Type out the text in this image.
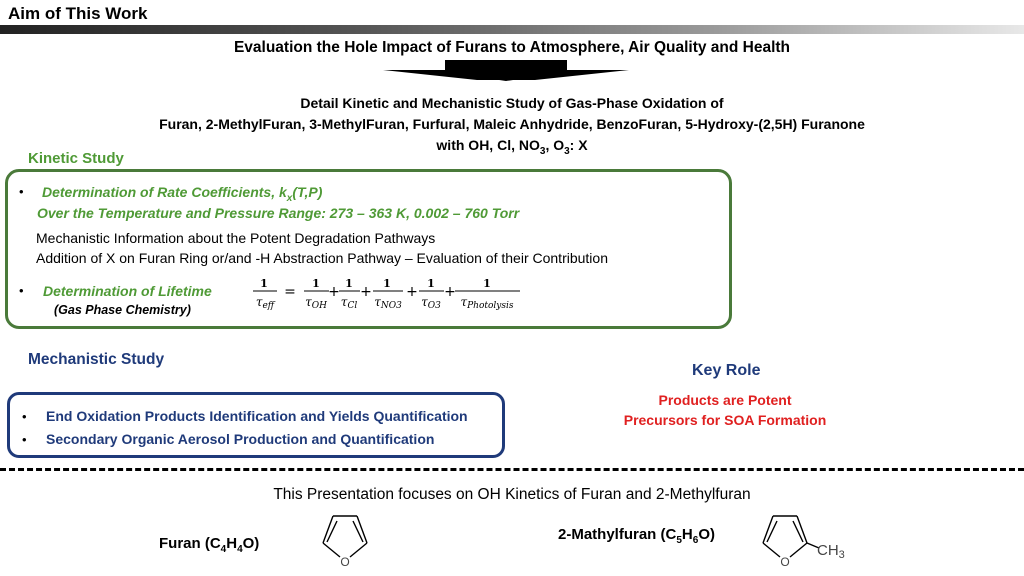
Aim of This Work
Evaluation the Hole Impact of Furans to Atmosphere, Air Quality and Health
Detail Kinetic and Mechanistic Study of Gas-Phase Oxidation of
Furan, 2-MethylFuran, 3-MethylFuran, Furfural, Maleic Anhydride, BenzoFuran, 5-Hydroxy-(2,5H) Furanone
with OH, Cl, $NO_3$, $O_3$: X
Kinetic Study
• Determination of Rate Coefficients, $k_x(T,P)$
Over the Temperature and Pressure Range: 273 – 363 K, 0.002 – 760 Torr
Mechanistic Information about the Potent Degradation Pathways
Addition of X on Furan Ring or/and -H Abstraction Pathway – Evaluation of their Contribution
• Determination of Lifetime
(Gas Phase Chemistry)
1	1 1	1	1	1
τeff	τOH τCl τNO3 τO3 τPhotolysis
= + + + +
Mechanistic Study
• End Oxidation Products Identification and Yields Quantification
• Secondary Organic Aerosol Production and Quantification
Key Role
Products are Potent
Precursors for SOA Formation
This Presentation focuses on OH Kinetics of Furan and 2-Methylfuran
Furan $(C_4H_4O)$
O
2-Mathylfuran $(C_5H_6O)$
O
$CH_3$
